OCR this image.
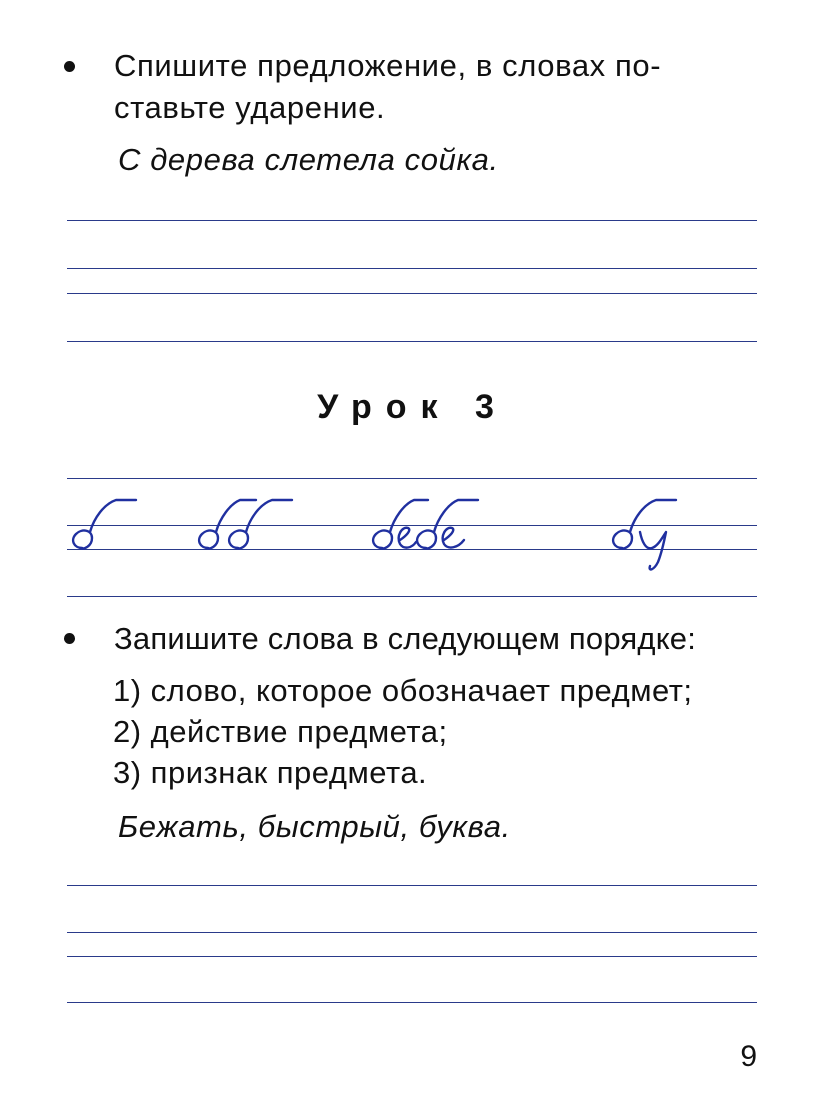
Спишите предложение, в словах по-
ставьте ударение.
С дерева слетела сойка.
Урок 3
Запишите слова в следующем порядке:
1) слово, которое обозначает предмет;
2) действие предмета;
3) признак предмета.
Бежать, быстрый, буква.
9
